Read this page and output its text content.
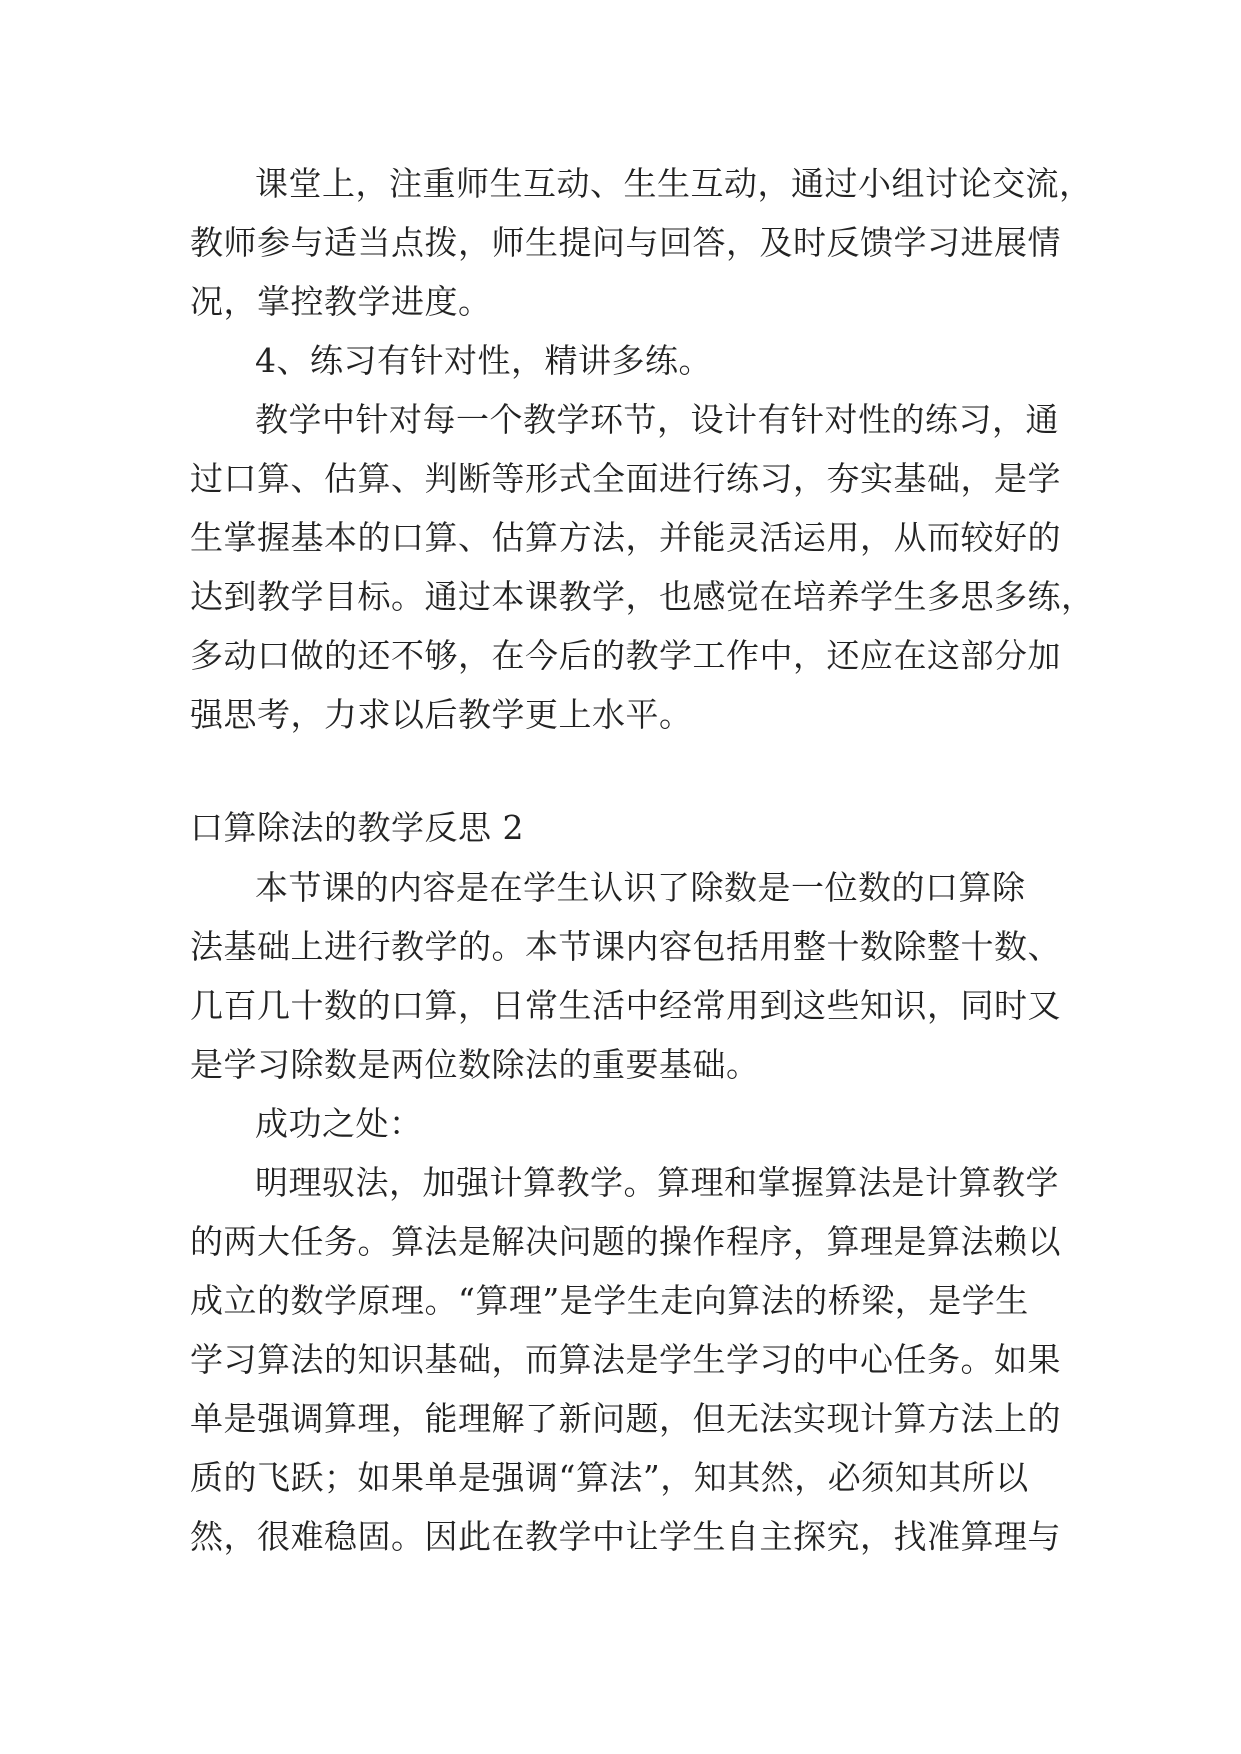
课堂上，注重师生互动、生生互动，通过小组讨论交流，
教师参与适当点拨，师生提问与回答，及时反馈学习进展情
况，掌控教学进度。
4、练习有针对性，精讲多练。
教学中针对每一个教学环节，设计有针对性的练习，通
过口算、估算、判断等形式全面进行练习，夯实基础，是学
生掌握基本的口算、估算方法，并能灵活运用，从而较好的
达到教学目标。通过本课教学，也感觉在培养学生多思多练，
多动口做的还不够，在今后的教学工作中，还应在这部分加
强思考，力求以后教学更上水平。
口算除法的教学反思 2
本节课的内容是在学生认识了除数是一位数的口算除
法基础上进行教学的。本节课内容包括用整十数除整十数、
几百几十数的口算，日常生活中经常用到这些知识，同时又
是学习除数是两位数除法的重要基础。
成功之处：
明理驭法，加强计算教学。算理和掌握算法是计算教学
的两大任务。算法是解决问题的操作程序，算理是算法赖以
成立的数学原理。“算理”是学生走向算法的桥梁，是学生
学习算法的知识基础，而算法是学生学习的中心任务。如果
单是强调算理，能理解了新问题，但无法实现计算方法上的
质的飞跃；如果单是强调“算法”，知其然，必须知其所以
然，很难稳固。因此在教学中让学生自主探究，找准算理与
